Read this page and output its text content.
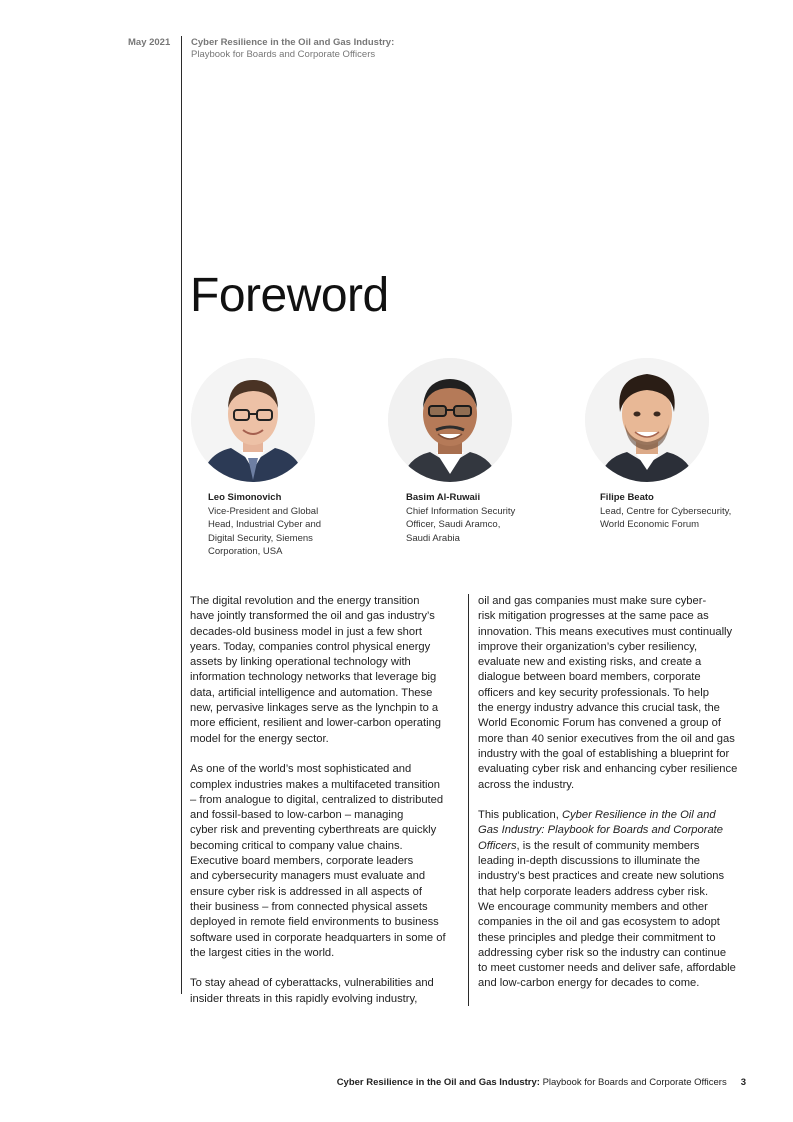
May 2021 Cyber Resilience in the Oil and Gas Industry:
Playbook for Boards and Corporate Officers
Foreword
Leo Simonovich
Vice-President and Global
Head, Industrial Cyber and
Digital Security, Siemens
Corporation, USA
Basim Al-Ruwaii
Chief Information Security
Officer, Saudi Aramco,
Saudi Arabia
Filipe Beato
Lead, Centre for Cybersecurity,
World Economic Forum

The digital revolution and the energy transition
have jointly transformed the oil and gas industry’s
decades-old business model in just a few short
years. Today, companies control physical energy
assets by linking operational technology with
information technology networks that leverage big
data, artificial intelligence and automation. These
new, pervasive linkages serve as the lynchpin to a
more efficient, resilient and lower-carbon operating
model for the energy sector.

As one of the world’s most sophisticated and
complex industries makes a multifaceted transition
– from analogue to digital, centralized to distributed
and fossil-based to low-carbon – managing
cyber risk and preventing cyberthreats are quickly
becoming critical to company value chains.
Executive board members, corporate leaders
and cybersecurity managers must evaluate and
ensure cyber risk is addressed in all aspects of
their business – from connected physical assets
deployed in remote field environments to business
software used in corporate headquarters in some of
the largest cities in the world.

To stay ahead of cyberattacks, vulnerabilities and
insider threats in this rapidly evolving industry,

oil and gas companies must make sure cyber-
risk mitigation progresses at the same pace as
innovation. This means executives must continually
improve their organization’s cyber resiliency,
evaluate new and existing risks, and create a
dialogue between board members, corporate
officers and key security professionals. To help
the energy industry advance this crucial task, the
World Economic Forum has convened a group of
more than 40 senior executives from the oil and gas
industry with the goal of establishing a blueprint for
evaluating cyber risk and enhancing cyber resilience
across the industry.

This publication, Cyber Resilience in the Oil and
Gas Industry: Playbook for Boards and Corporate
Officers, is the result of community members
leading in-depth discussions to illuminate the
industry’s best practices and create new solutions
that help corporate leaders address cyber risk.
We encourage community members and other
companies in the oil and gas ecosystem to adopt
these principles and pledge their commitment to
addressing cyber risk so the industry can continue
to meet customer needs and deliver safe, affordable
and low-carbon energy for decades to come.

Cyber Resilience in the Oil and Gas Industry: Playbook for Boards and Corporate Officers 3
